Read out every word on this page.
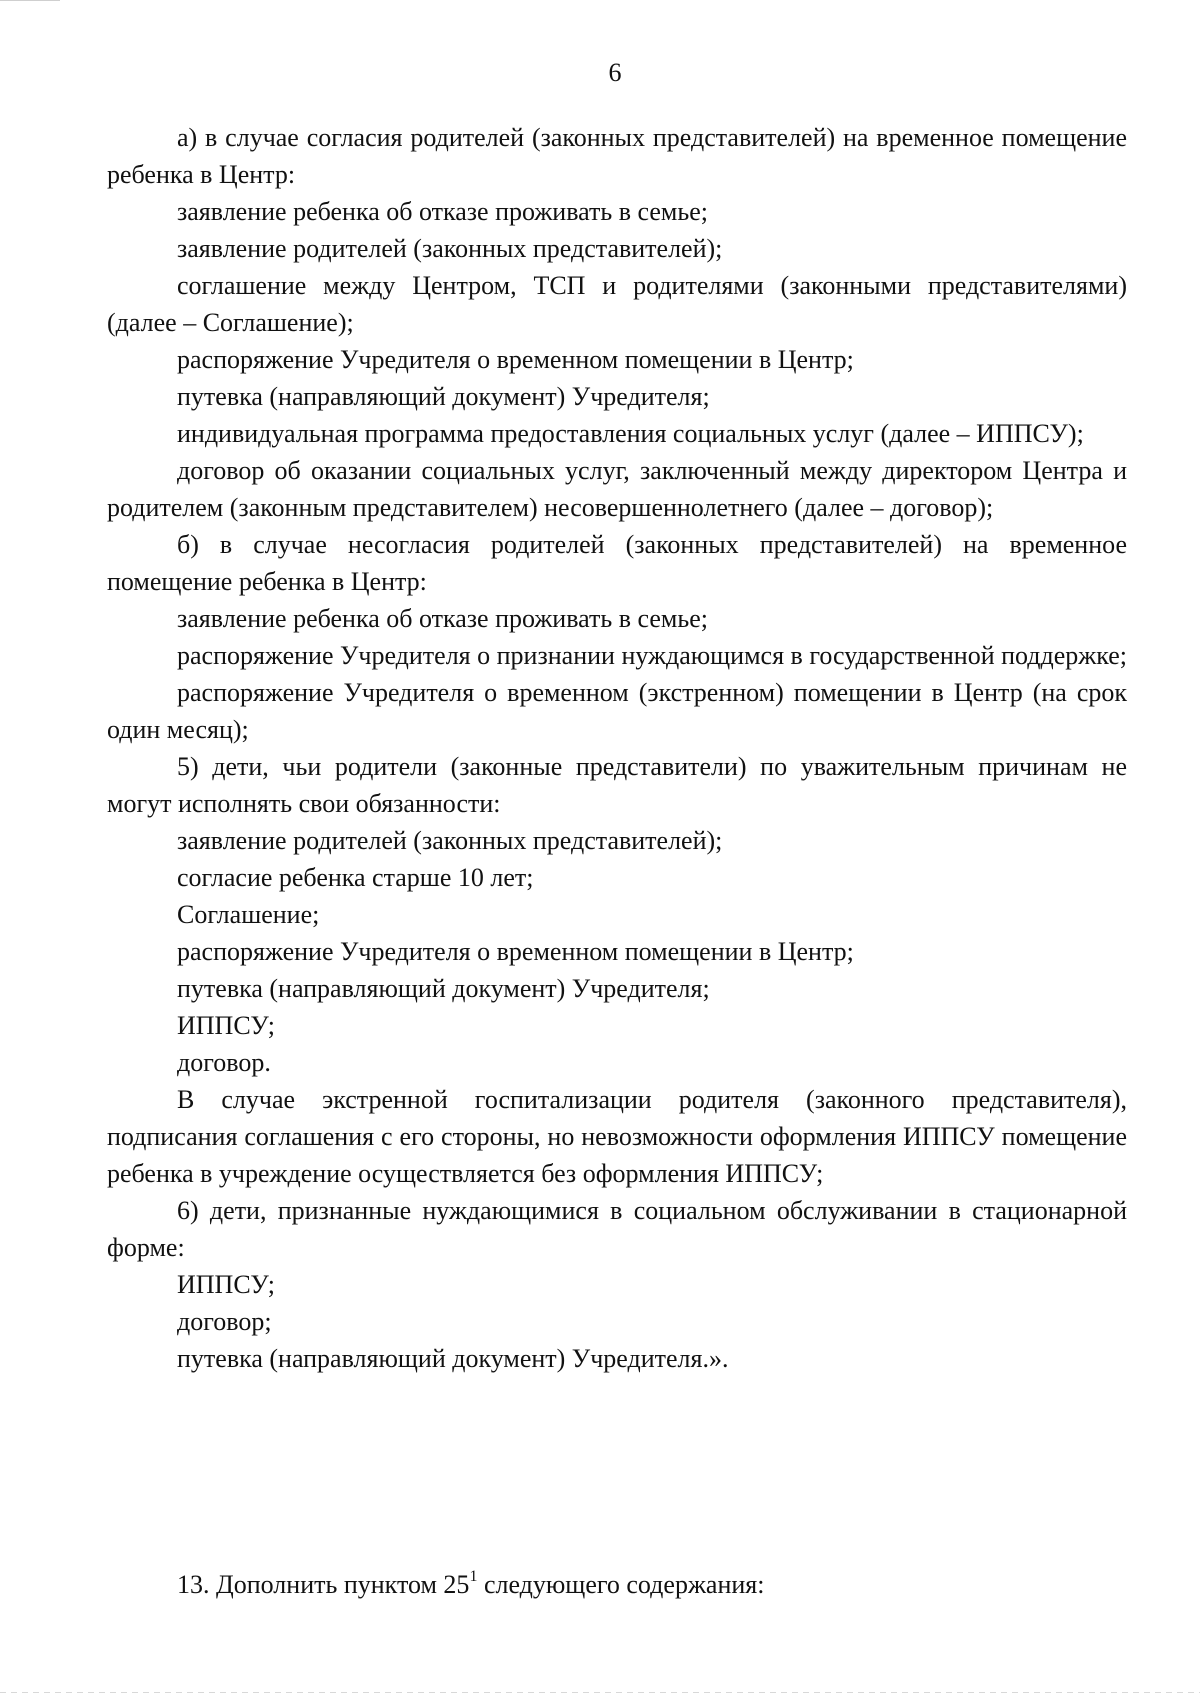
6

а) в случае согласия родителей (законных представителей) на временное помещение ребенка в Центр:

заявление ребенка об отказе проживать в семье;

заявление родителей (законных представителей);

соглашение между Центром, ТСП и родителями (законными представителями) (далее – Соглашение);

распоряжение Учредителя о временном помещении в Центр;

путевка (направляющий документ) Учредителя;

индивидуальная программа предоставления социальных услуг (далее – ИППСУ);

договор об оказании социальных услуг, заключенный между директором Центра и родителем (законным представителем) несовершеннолетнего (далее – договор);

б) в случае несогласия родителей (законных представителей) на временное помещение ребенка в Центр:

заявление ребенка об отказе проживать в семье;

распоряжение Учредителя о признании нуждающимся в государственной поддержке;

распоряжение Учредителя о временном (экстренном) помещении в Центр (на срок один месяц);

5) дети, чьи родители (законные представители) по уважительным причинам не могут исполнять свои обязанности:

заявление родителей (законных представителей);

согласие ребенка старше 10 лет;

Соглашение;

распоряжение Учредителя о временном помещении в Центр;

путевка (направляющий документ) Учредителя;

ИППСУ;

договор.

В случае экстренной госпитализации родителя (законного представителя), подписания соглашения с его стороны, но невозможности оформления ИППСУ помещение ребенка в учреждение осуществляется без оформления ИППСУ;

6) дети, признанные нуждающимися в социальном обслуживании в стационарной форме:

ИППСУ;

договор;

путевка (направляющий документ) Учредителя.».

13. Дополнить пунктом $25^1$ следующего содержания:
